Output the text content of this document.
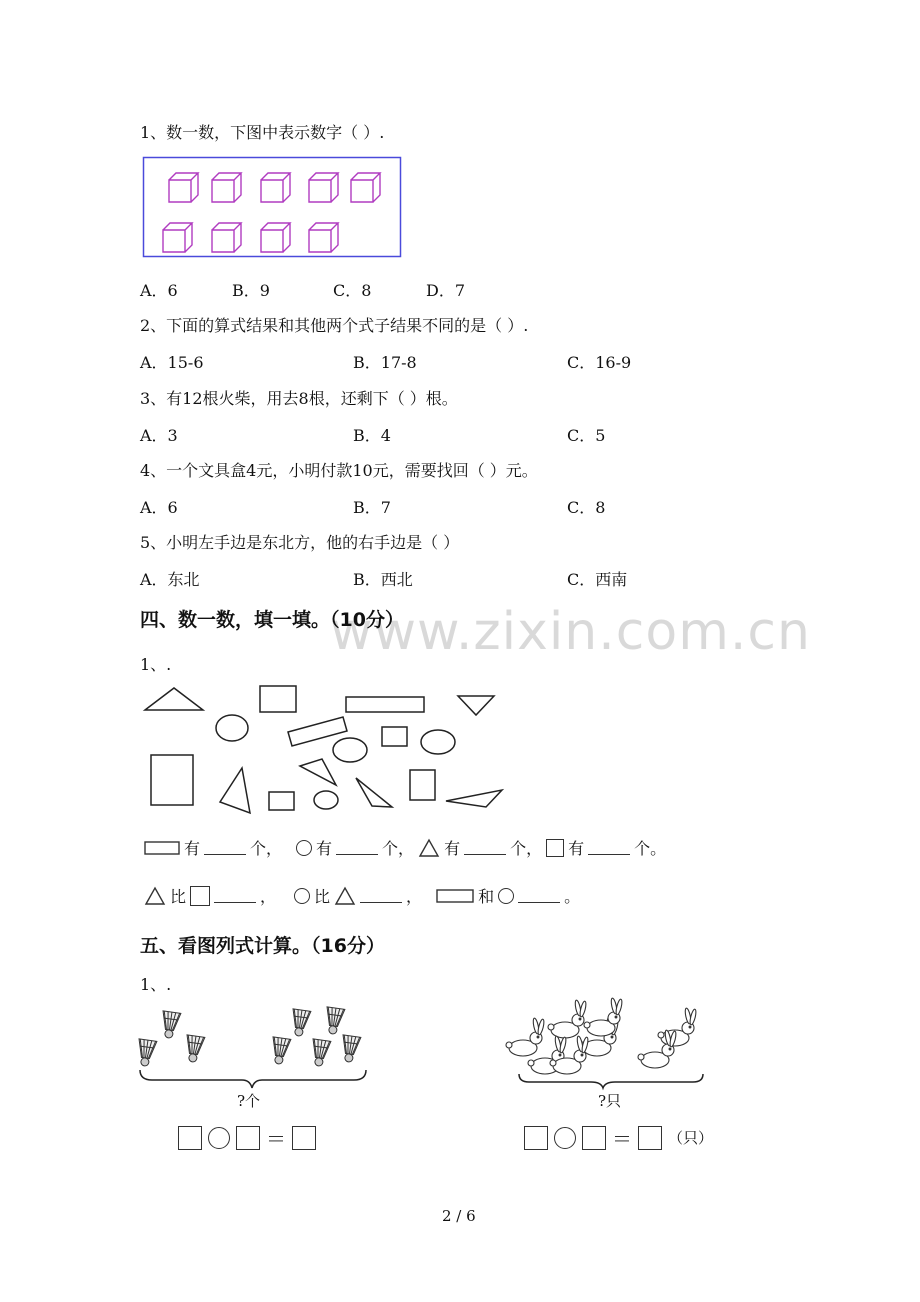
1、数一数，下图中表示数字（ ）.
A．6	B．9	C．8	D．7
2、下面的算式结果和其他两个式子结果不同的是（ ）.
A．15-6	B．17-8	C．16-9
3、有12根火柴，用去8根，还剩下（ ）根。
A．3	B．4	C．5
4、一个文具盒4元，小明付款10元，需要找回（ ）元。
A．6	B．7	C．8
5、小明左手边是东北方，他的右手边是（ ）
A．东北	B．西北	C．西南
www.zixin.com.cn
四、数一数，填一填。（10分）
1、.
有	个， 有	个， 有	个， 有	个。
比	， 比	，	和	。
五、看图列式计算。（16分）
1、.
?个
＝
?只
＝ （只）
2 / 6
